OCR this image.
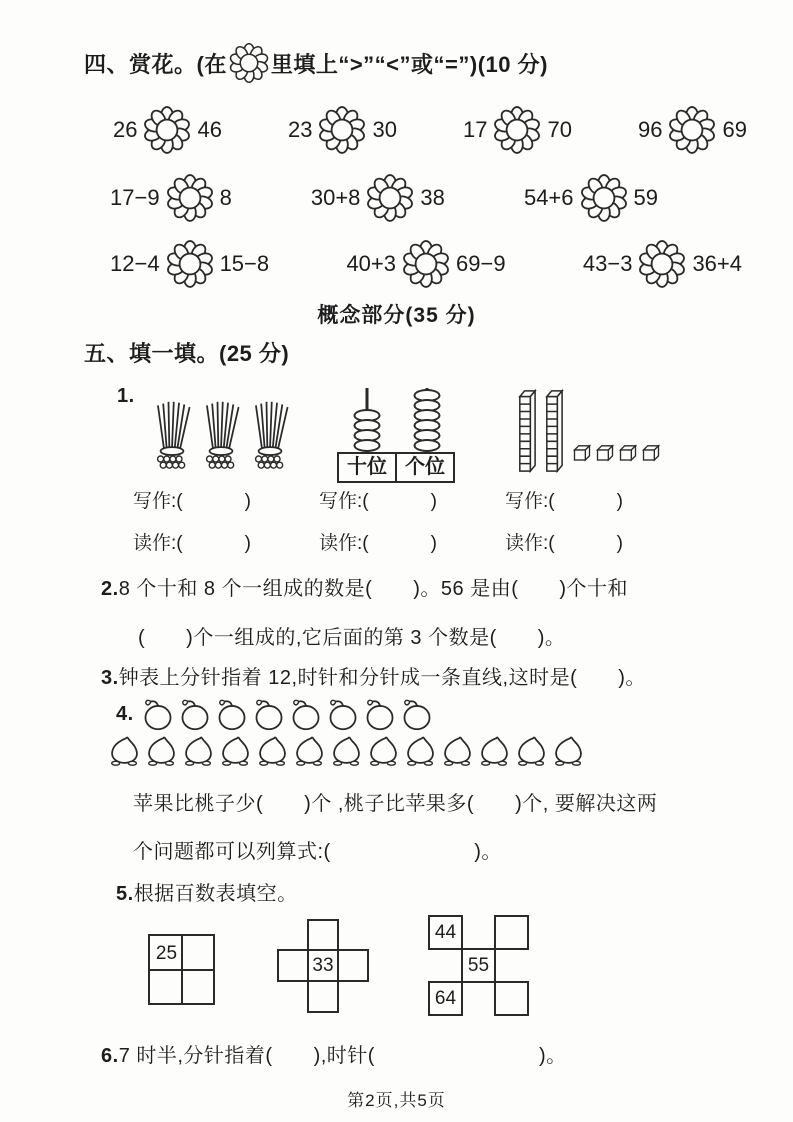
四、赏花。(在 里填上“>”“<”或“=”)(10 分)
26	46	23	30	17	70	96	69
17−9	8	30+8	38	54+6	59
12−4	15−8	40+3	69−9	43−3	36+4
概念部分(35 分)
五、填一填。(25 分)
1.
十位 个位
写作:(	)
读作:(	)
写作:(	)
读作:(	)
写作:(	)
读作:(	)
2.8 个十和 8 个一组成的数是(　　)。56 是由(　　)个十和
(　　)个一组成的,它后面的第 3 个数是(　　)。
3.钟表上分针指着 12,时针和分针成一条直线,这时是(　　)。
4.
苹果比桃子少(　　)个 ,桃子比苹果多(　　)个, 要解决这两
个问题都可以列算式:(　　　　　　　)。
5.根据百数表填空。
25
33
44
55
64
6.7 时半,分针指着(　　),时针(　　　　　　　　)。
第2页,共5页
